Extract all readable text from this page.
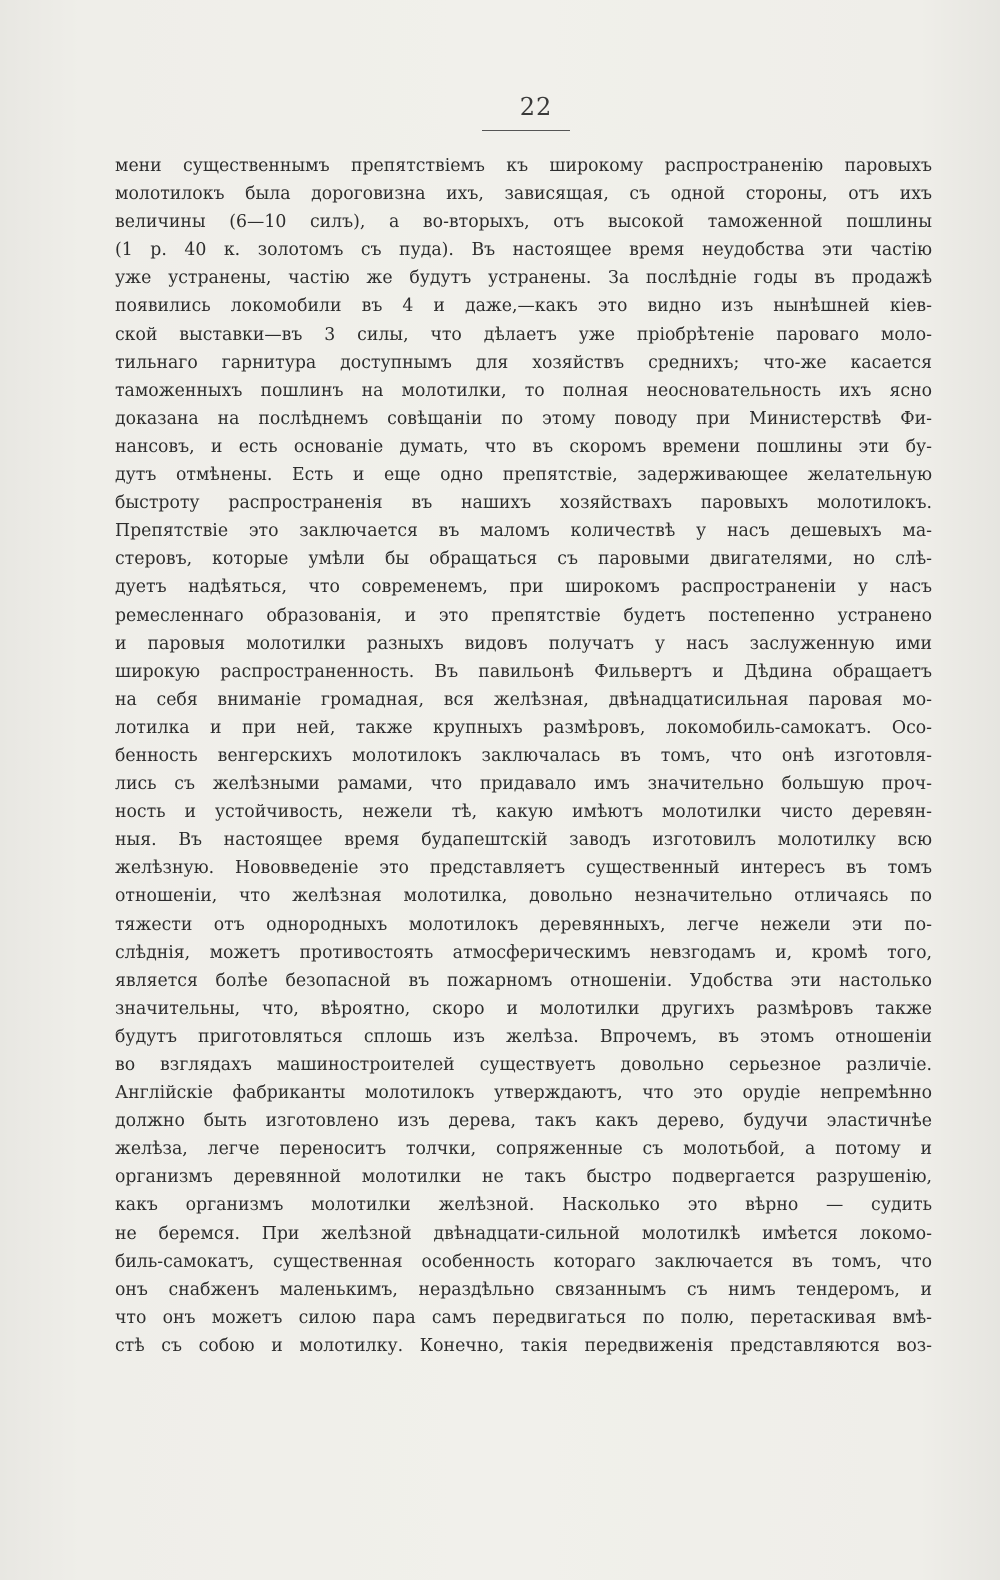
22
мени существеннымъ препятствіемъ къ широкому распространенію паровыхъ
молотилокъ была дороговизна ихъ, зависящая, съ одной стороны, отъ ихъ
величины (6—10 силъ), а во-вторыхъ, отъ высокой таможенной пошлины
(1 р. 40 к. золотомъ съ пуда). Въ настоящее время неудобства эти частію
уже устранены, частію же будутъ устранены. За послѣдніе годы въ продажѣ
появились локомобили въ 4 и даже,—какъ это видно изъ нынѣшней кіев-
ской выставки—въ 3 силы, что дѣлаетъ уже пріобрѣтеніе пароваго моло-
тильнаго гарнитура доступнымъ для хозяйствъ среднихъ; что-же касается
таможенныхъ пошлинъ на молотилки, то полная неосновательность ихъ ясно
доказана на послѣднемъ совѣщаніи по этому поводу при Министерствѣ Фи-
нансовъ, и есть основаніе думать, что въ скоромъ времени пошлины эти бу-
дутъ отмѣнены. Есть и еще одно препятствіе, задерживающее желательную
быстроту распространенія въ нашихъ хозяйствахъ паровыхъ молотилокъ.
Препятствіе это заключается въ маломъ количествѣ у насъ дешевыхъ ма-
стеровъ, которые умѣли бы обращаться съ паровыми двигателями, но слѣ-
дуетъ надѣяться, что современемъ, при широкомъ распространеніи у насъ
ремесленнаго образованія, и это препятствіе будетъ постепенно устранено
и паровыя молотилки разныхъ видовъ получатъ у насъ заслуженную ими
широкую распространенность. Въ павильонѣ Фильвертъ и Дѣдина обращаетъ
на себя вниманіе громадная, вся желѣзная, двѣнадцатисильная паровая мо-
лотилка и при ней, также крупныхъ размѣровъ, локомобиль-самокатъ. Осо-
бенность венгерскихъ молотилокъ заключалась въ томъ, что онѣ изготовля-
лись съ желѣзными рамами, что придавало имъ значительно большую проч-
ность и устойчивость, нежели тѣ, какую имѣютъ молотилки чисто деревян-
ныя. Въ настоящее время будапештскій заводъ изготовилъ молотилку всю
желѣзную. Нововведеніе это представляетъ существенный интересъ въ томъ
отношеніи, что желѣзная молотилка, довольно незначительно отличаясь по
тяжести отъ однородныхъ молотилокъ деревянныхъ, легче нежели эти по-
слѣднія, можетъ противостоять атмосферическимъ невзгодамъ и, кромѣ того,
является болѣе безопасной въ пожарномъ отношеніи. Удобства эти настолько
значительны, что, вѣроятно, скоро и молотилки другихъ размѣровъ также
будутъ приготовляться сплошь изъ желѣза. Впрочемъ, въ этомъ отношеніи
во взглядахъ машиностроителей существуетъ довольно серьезное различіе.
Англійскіе фабриканты молотилокъ утверждаютъ, что это орудіе непремѣнно
должно быть изготовлено изъ дерева, такъ какъ дерево, будучи эластичнѣе
желѣза, легче переноситъ толчки, сопряженные съ молотьбой, а потому и
организмъ деревянной молотилки не такъ быстро подвергается разрушенію,
какъ организмъ молотилки желѣзной. Насколько это вѣрно — судить
не беремся. При желѣзной двѣнадцати-сильной молотилкѣ имѣется локомо-
биль-самокатъ, существенная особенность котораго заключается въ томъ, что
онъ снабженъ маленькимъ, нераздѣльно связаннымъ съ нимъ тендеромъ, и
что онъ можетъ силою пара самъ передвигаться по полю, перетаскивая вмѣ-
стѣ съ собою и молотилку. Конечно, такія передвиженія представляются воз-
